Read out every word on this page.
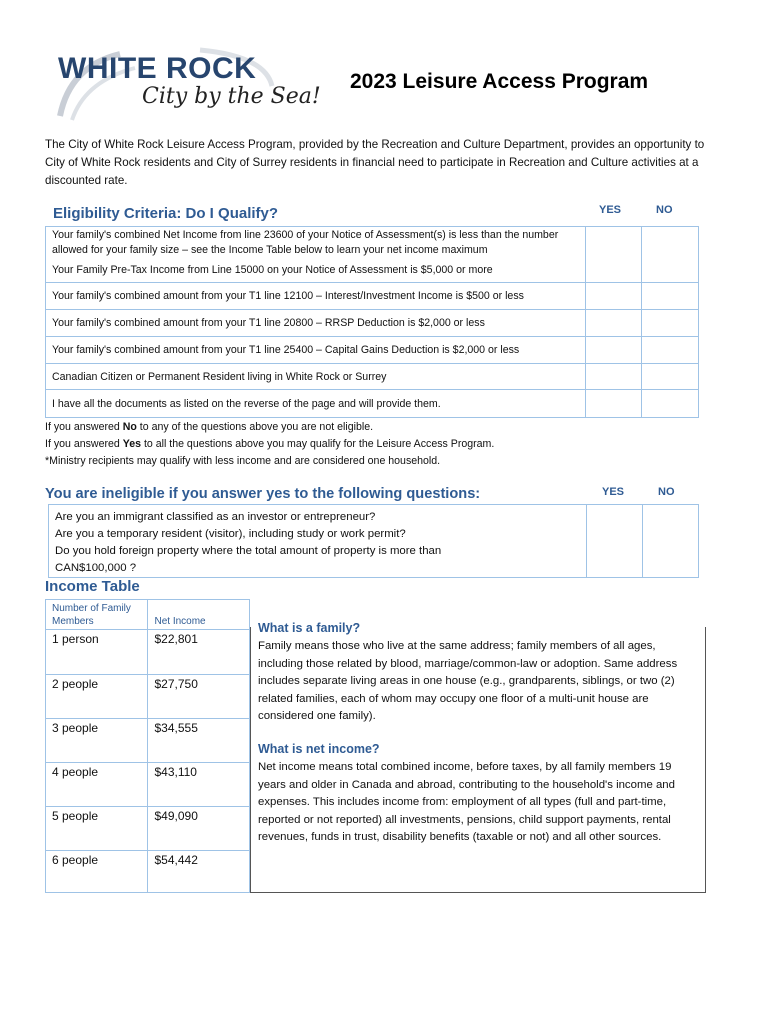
WHITE ROCK
City by the Sea!
2023 Leisure Access Program
The City of White Rock Leisure Access Program, provided by the Recreation and Culture Department, provides an opportunity to City of White Rock residents and City of Surrey residents in financial need to participate in Recreation and Culture activities at a discounted rate.
Eligibility Criteria: Do I Qualify?	YES	NO
Your family's combined Net Income from line 23600 of your Notice of Assessment(s) is less than the number allowed for your family size – see the Income Table below to learn your net income maximum		
Your Family Pre-Tax Income from Line 15000 on your Notice of Assessment is $5,000 or more		
Your family's combined amount from your T1 line 12100 – Interest/Investment Income is $500 or less		
Your family's combined amount from your T1 line 20800 – RRSP Deduction is $2,000 or less		
Your family's combined amount from your T1 line 25400 – Capital Gains Deduction is $2,000 or less		
Canadian Citizen or Permanent Resident living in White Rock or Surrey		
I have all the documents as listed on the reverse of the page and will provide them.		
If you answered No to any of the questions above you are not eligible.
If you answered Yes to all the questions above you may qualify for the Leisure Access Program.
*Ministry recipients may qualify with less income and are considered one household.
You are ineligible if you answer yes to the following questions:	YES	NO
Are you an immigrant classified as an investor or entrepreneur?
Are you a temporary resident (visitor), including study or work permit?
Do you hold foreign property where the total amount of property is more than CAN$100,000 ?

Income Table
Number of Family Members	Net Income
1 person	$22,801
2 people	$27,750
3 people	$34,555
4 people	$43,110
5 people	$49,090
6 people	$54,442

What is a family?

Family means those who live at the same address; family members of all ages, including those related by blood, marriage/common-law or adoption. Same address includes separate living areas in one house (e.g., grandparents, siblings, or two (2) related families, each of whom may occupy one floor of a multi-unit house are considered one family).

What is net income?

Net income means total combined income, before taxes, by all family members 19 years and older in Canada and abroad, contributing to the household's income and expenses. This includes income from: employment of all types (full and part-time, reported or not reported) all investments, pensions, child support payments, rental revenues, funds in trust, disability benefits (taxable or not) and all other sources.
